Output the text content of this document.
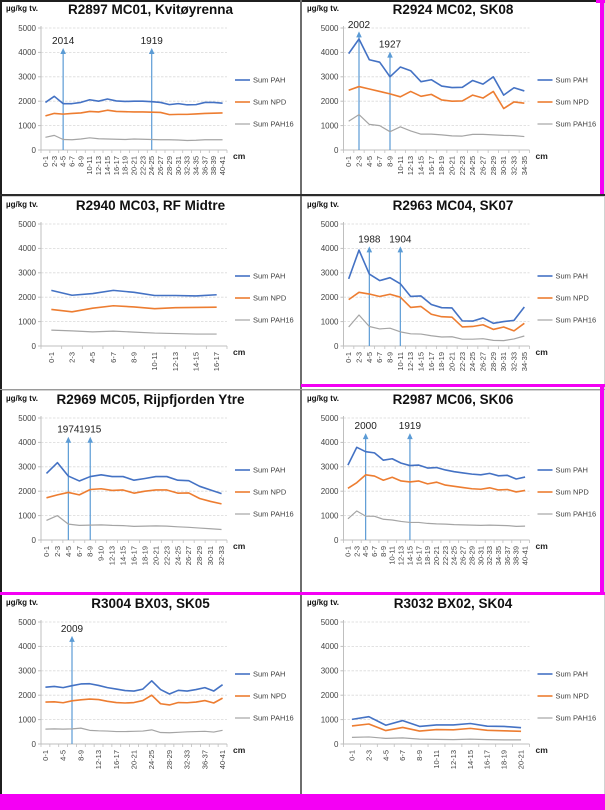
µg/kg tv.	R2897 MC01, Kvitøyrenna
0
1000
2000
3000
4000
5000
0-1 2-3 4-5 6-7 8-9 10-11 12-13 14-15 16-17 18-19 20-21 22-23 24-25 26-27 28-29 30-31 32-33 34-35 36-37 38-39 40-41 cm
2014	1919
Sum PAH
Sum NPD
Sum PAH16
µg/kg tv.	R2924 MC02, SK08
0
1000
2000
3000
4000
5000
0-1 2-3 4-5 6-7 8-9 10-11 12-13 14-15 16-17 18-19 20-21 22-23 24-25 26-27 28-29 30-31 32-33 34-35 cm
2002
1927
Sum PAH
Sum NPD
Sum PAH16
µg/kg tv.	R2940 MC03, RF Midtre
0
1000
2000
3000
4000
5000
0-1 2-3 4-5 6-7 8-9 10-11 12-13 14-15 16-17 cm
Sum PAH
Sum NPD
Sum PAH16
µg/kg tv.	R2963 MC04, SK07
0
1000
2000
3000
4000
5000
0-1 2-3 4-5 6-7 8-9 10-11 12-13 14-15 16-17 18-19 20-21 22-23 24-25 26-27 28-29 30-31 32-33 34-35 cm
1988 1904
Sum PAH
Sum NPD
Sum PAH16
µg/kg tv.	R2969 MC05, Rijpfjorden Ytre
0
1000
2000
3000
4000
5000
0-1 2-3 4-5 6-7 8-9 9-10 12-13 14-15 16-17 18-19 20-21 22-23 24-25 26-27 28-29 30-31 32-33 cm
1974 1915
Sum PAH
Sum NPD
Sum PAH16
µg/kg tv.	R2987 MC06, SK06
0
1000
2000
3000
4000
5000
0-1 2-3 4-5 6-7 8-9 10-11 12-13 14-15 16-17 18-19 20-21 22-23 24-25 26-27 28-29 30-31 32-33 34-35 36-37 38-39 40-41 cm
2000 1919
Sum PAH
Sum NPD
Sum PAH16
µg/kg tv.	R3004 BX03, SK05
0
1000
2000
3000
4000
5000
0-1 4-5 8-9 12-13 16-17 20-21 24-25 28-29 32-33 36-37 40-41 cm
2009
Sum PAH
Sum NPD
Sum PAH16
µg/kg tv.	R3032 BX02, SK04
0
1000
2000
3000
4000
5000
0-1 2-3 4-5 6-7 8-9 10-11 12-13 14-15 16-17 18-19 20-21 cm
Sum PAH
Sum NPD
Sum PAH16
